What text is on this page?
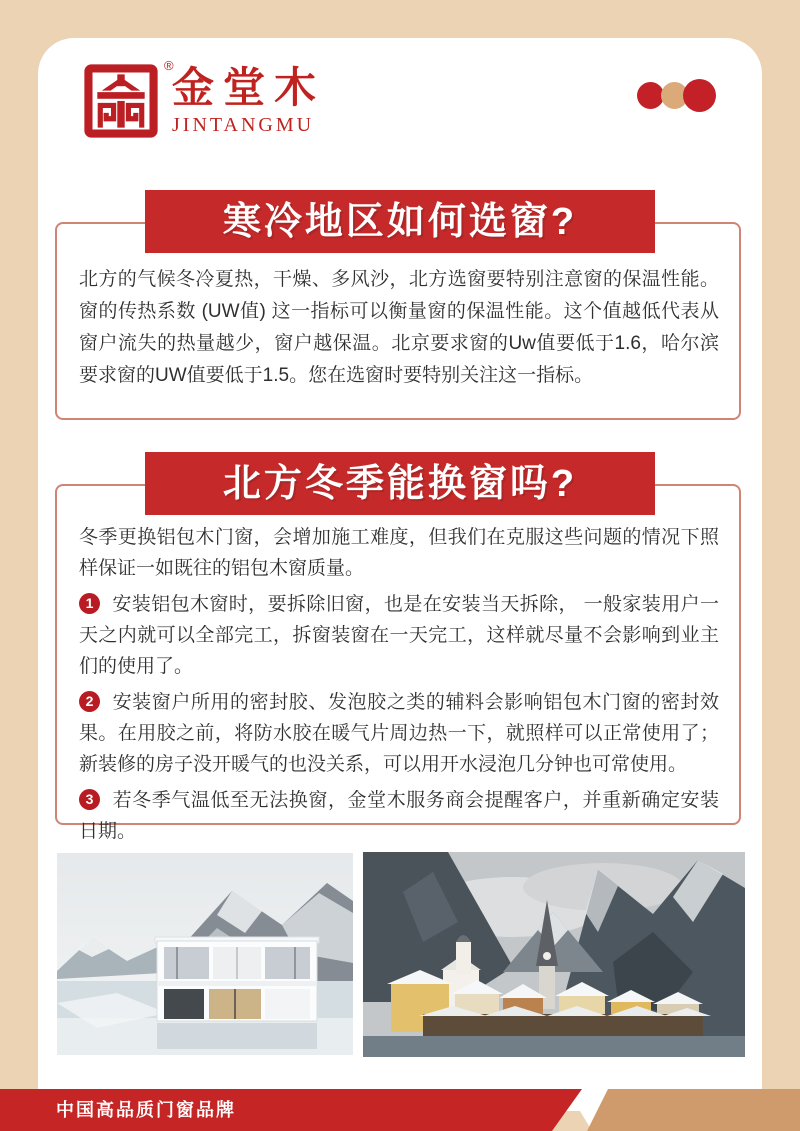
®
金堂木
JINTANGMU
寒冷地区如何选窗?

北方的气候冬冷夏热，干燥、多风沙，北方选窗要特别注意窗的保温性能。窗的传热系数 (UW值) 这一指标可以衡量窗的保温性能。这个值越低代表从窗户流失的热量越少，窗户越保温。北京要求窗的Uw值要低于1.6，哈尔滨要求窗的UW值要低于1.5。您在选窗时要特别关注这一指标。

北方冬季能换窗吗?

冬季更换铝包木门窗，会增加施工难度，但我们在克服这些问题的情况下照样保证一如既往的铝包木窗质量。

1 安装铝包木窗时，要拆除旧窗，也是在安装当天拆除， 一般家装用户一天之内就可以全部完工，拆窗装窗在一天完工，这样就尽量不会影响到业主们的使用了。

2 安装窗户所用的密封胶、发泡胶之类的辅料会影响铝包木门窗的密封效果。在用胶之前，将防水胶在暖气片周边热一下，就照样可以正常使用了；新装修的房子没开暖气的也没关系，可以用开水浸泡几分钟也可常使用。

3 若冬季气温低至无法换窗，金堂木服务商会提醒客户，并重新确定安装日期。

中国高品质门窗品牌
